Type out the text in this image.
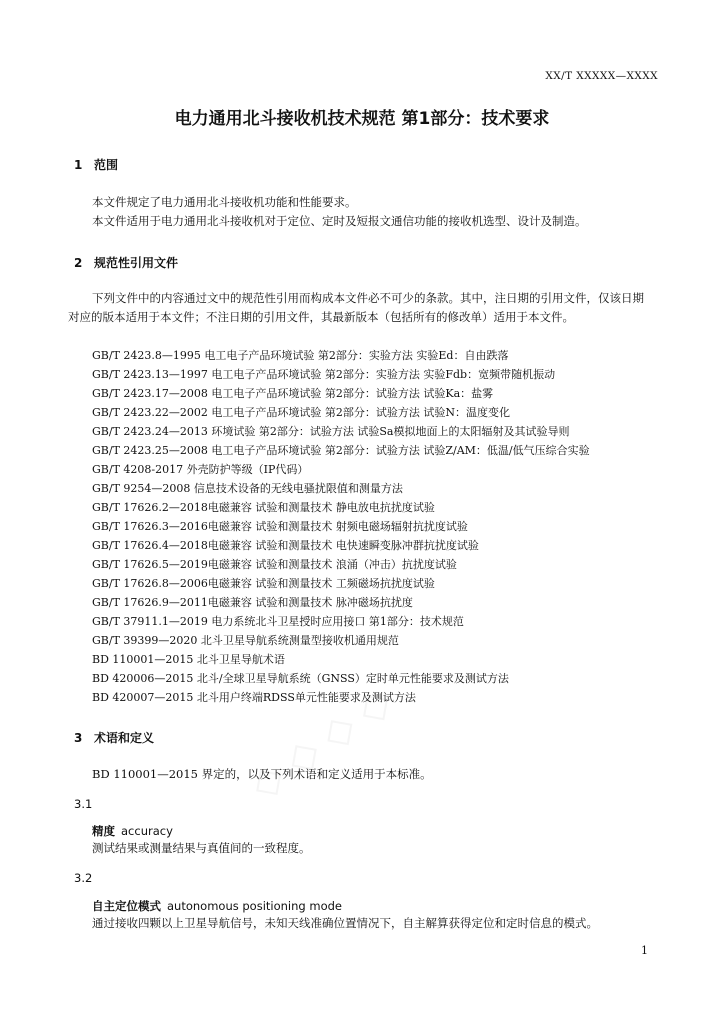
XX/T XXXXX—XXXX
电力通用北斗接收机技术规范 第1部分：技术要求
1 范围
本文件规定了电力通用北斗接收机功能和性能要求。
本文件适用于电力通用北斗接收机对于定位、定时及短报文通信功能的接收机选型、设计及制造。
2 规范性引用文件
下列文件中的内容通过文中的规范性引用而构成本文件必不可少的条款。其中，注日期的引用文件，仅该日期对应的版本适用于本文件；不注日期的引用文件，其最新版本（包括所有的修改单）适用于本文件。
GB/T 2423.8—1995 电工电子产品环境试验 第2部分：实验方法 实验Ed：自由跌落
GB/T 2423.13—1997 电工电子产品环境试验 第2部分：实验方法 实验Fdb：宽频带随机振动
GB/T 2423.17—2008 电工电子产品环境试验 第2部分：试验方法 试验Ka：盐雾
GB/T 2423.22—2002 电工电子产品环境试验 第2部分：试验方法 试验N：温度变化
GB/T 2423.24—2013 环境试验 第2部分：试验方法 试验Sa模拟地面上的太阳辐射及其试验导则
GB/T 2423.25—2008 电工电子产品环境试验 第2部分：试验方法 试验Z/AM：低温/低气压综合实验
GB/T 4208-2017 外壳防护等级（IP代码）
GB/T 9254—2008 信息技术设备的无线电骚扰限值和测量方法
GB/T 17626.2—2018电磁兼容 试验和测量技术 静电放电抗扰度试验
GB/T 17626.3—2016电磁兼容 试验和测量技术 射频电磁场辐射抗扰度试验
GB/T 17626.4—2018电磁兼容 试验和测量技术 电快速瞬变脉冲群抗扰度试验
GB/T 17626.5—2019电磁兼容 试验和测量技术 浪涌（冲击）抗扰度试验
GB/T 17626.8—2006电磁兼容 试验和测量技术 工频磁场抗扰度试验
GB/T 17626.9—2011电磁兼容 试验和测量技术 脉冲磁场抗扰度
GB/T 37911.1—2019 电力系统北斗卫星授时应用接口 第1部分：技术规范
GB/T 39399—2020 北斗卫星导航系统测量型接收机通用规范
BD 110001—2015 北斗卫星导航术语
BD 420006—2015 北斗/全球卫星导航系统（GNSS）定时单元性能要求及测试方法
BD 420007—2015 北斗用户终端RDSS单元性能要求及测试方法
3 术语和定义
BD 110001—2015 界定的，以及下列术语和定义适用于本标准。
3.1
精度 accuracy
测试结果或测量结果与真值间的一致程度。
3.2
自主定位模式 autonomous positioning mode
通过接收四颗以上卫星导航信号，未知天线准确位置情况下，自主解算获得定位和定时信息的模式。
1
